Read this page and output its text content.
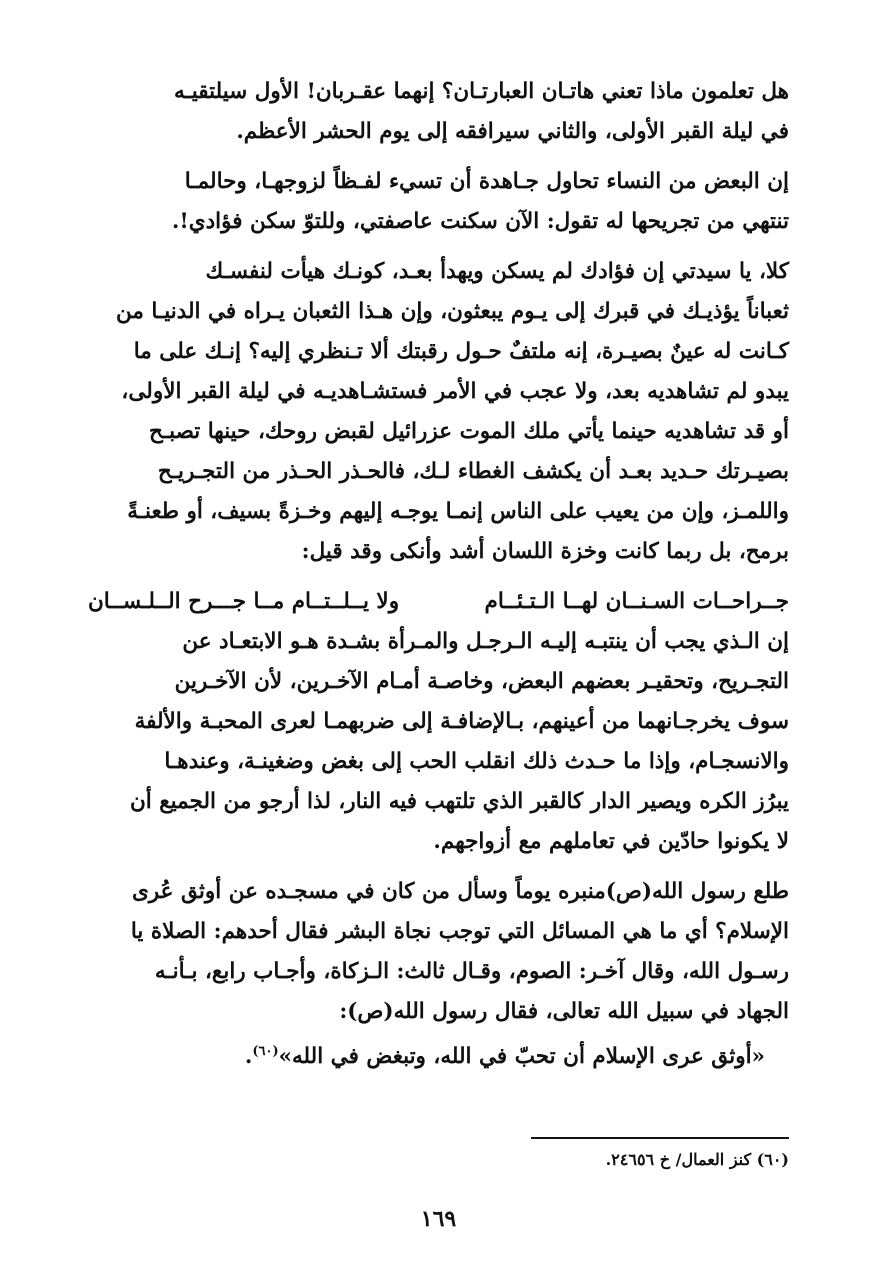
هل تعلمون ماذا تعني هاتـان العبارتـان؟ إنهما عقـربان! الأول سيلتقيـه

في ليلة القبر الأولى، والثاني سيرافقه إلى يوم الحشر الأعظم.

إن البعض من النساء تحاول جـاهدة أن تسيء لفـظاً لزوجهـا، وحالمـا

تنتهي من تجريحها له تقول: الآن سكنت عاصفتي، وللتوّ سكن فؤادي!.

كلا، يا سيدتي إن فؤادك لم يسكن ويهدأ بعـد، كونـك هيأت لنفسـك

ثعباناً يؤذيـك في قبرك إلى يـوم يبعثون، وإن هـذا الثعبان يـراه في الدنيـا من

كـانت له عينٌ بصيـرة، إنه ملتفٌ حـول رقبتك ألا تـنظري إليه؟ إنـك على ما

يبدو لم تشاهديه بعد، ولا عجب في الأمر فستشـاهديـه في ليلة القبر الأولى،

أو قد تشاهديه حينما يأتي ملك الموت عزرائيل لقبض روحك، حينها تصبـح

بصيـرتك حـديد بعـد أن يكشف الغطاء لـك، فالحـذر الحـذر من التجـريـح

واللمـز، وإن من يعيب على الناس إنمـا يوجـه إليهم وخـزةً بسيف، أو طعنـةً

برمح، بل ربما كانت وخزة اللسان أشد وأنكى وقد قيل:

جــراحــات السـنــان لهــا الـتـئــام
ولا يــلــتــام مــا جـــرح الــلـســان

إن الـذي يجب أن ينتبـه إليـه الـرجـل والمـرأة بشـدة هـو الابتعـاد عن

التجـريح، وتحقيـر بعضهم البعض، وخاصـة أمـام الآخـرين، لأن الآخـرين

سوف يخرجـانهما من أعينهم، بـالإضافـة إلى ضربهمـا لعرى المحبـة والألفة

والانسجـام، وإذا ما حـدث ذلك انقلب الحب إلى بغض وضغينـة، وعندهـا

يبرُز الكره ويصير الدار كالقبر الذي تلتهب فيه النار، لذا أرجو من الجميع أن

لا يكونوا حادّين في تعاملهم مع أزواجهم.

طلع رسول الله(ص)منبره يوماً وسأل من كان في مسجـده عن أوثق عُرى

الإسلام؟ أي ما هي المسائل التي توجب نجاة البشر فقال أحدهم: الصلاة يا

رسـول الله، وقال آخـر: الصوم، وقـال ثالث: الـزكاة، وأجـاب رابع، بـأنـه

الجهاد في سبيل الله تعالى، فقال رسول الله(ص):

«أوثق عرى الإسلام أن تحبّ في الله، وتبغض في الله»$^{(٦٠)}$.

(٦٠) كنز العمال/ خ ٢٤٦٥٦.
١٦٩
